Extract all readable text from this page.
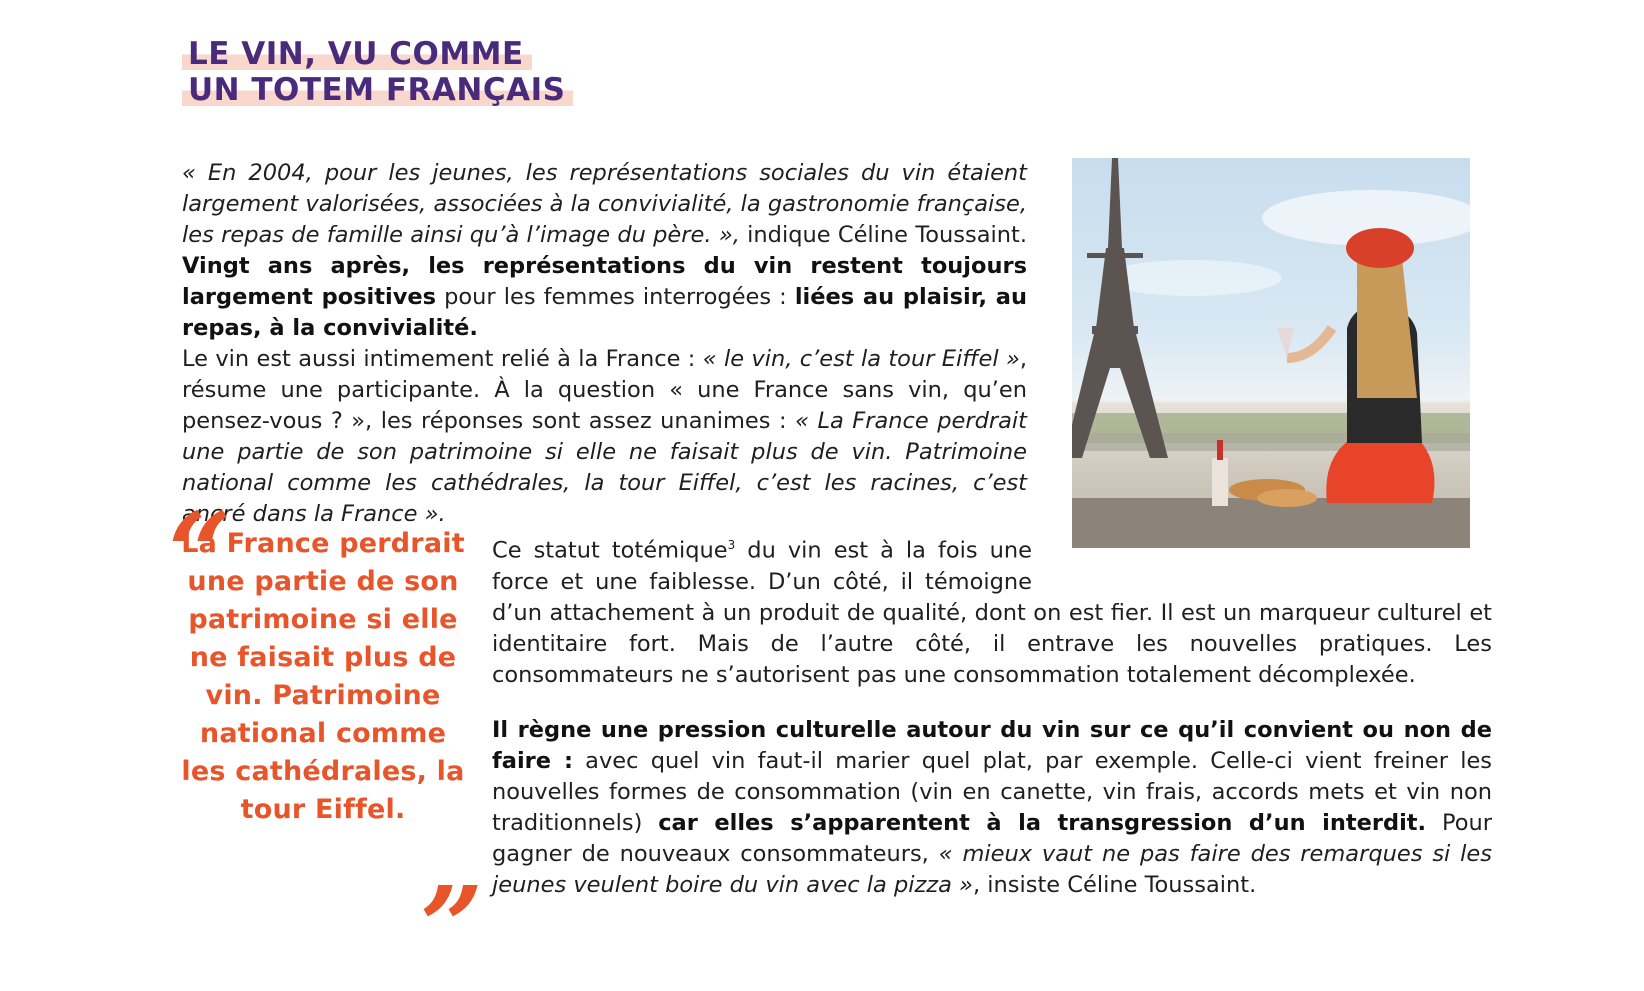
LE VIN, VU COMME
UN TOTEM FRANÇAIS

« En 2004, pour les jeunes, les représentations sociales du vin étaient largement valorisées, associées à la convivialité, la gastronomie française, les repas de famille ainsi qu’à l’image du père. », indique Céline Toussaint. Vingt ans après, les représentations du vin restent toujours largement positives pour les femmes interrogées : liées au plaisir, au repas, à la convivialité.

Le vin est aussi intimement relié à la France : « le vin, c’est la tour Eiffel », résume une participante. À la question « une France sans vin, qu’en pensez-vous ? », les réponses sont assez unanimes : « La France perdrait une partie de son patrimoine si elle ne faisait plus de vin. Patrimoine national comme les cathédrales, la tour Eiffel, c’est les racines, c’est ancré dans la France ».

“
La France perdrait une partie de son patrimoine si elle ne faisait plus de vin. Patrimoine national comme les cathédrales, la tour Eiffel.
”

Ce statut totémique$^3$ du vin est à la fois une force et une faiblesse. D’un côté, il témoigne d’un attachement à un produit de qualité, dont on est fier. Il est un marqueur culturel et identitaire fort. Mais de l’autre côté, il entrave les nouvelles pratiques. Les consommateurs ne s’autorisent pas une consommation totalement décomplexée.

Il règne une pression culturelle autour du vin sur ce qu’il convient ou non de faire : avec quel vin faut-il marier quel plat, par exemple. Celle-ci vient freiner les nouvelles formes de consommation (vin en canette, vin frais, accords mets et vin non traditionnels) car elles s’apparentent à la transgression d’un interdit. Pour gagner de nouveaux consommateurs, « mieux vaut ne pas faire des remarques si les jeunes veulent boire du vin avec la pizza », insiste Céline Toussaint.
